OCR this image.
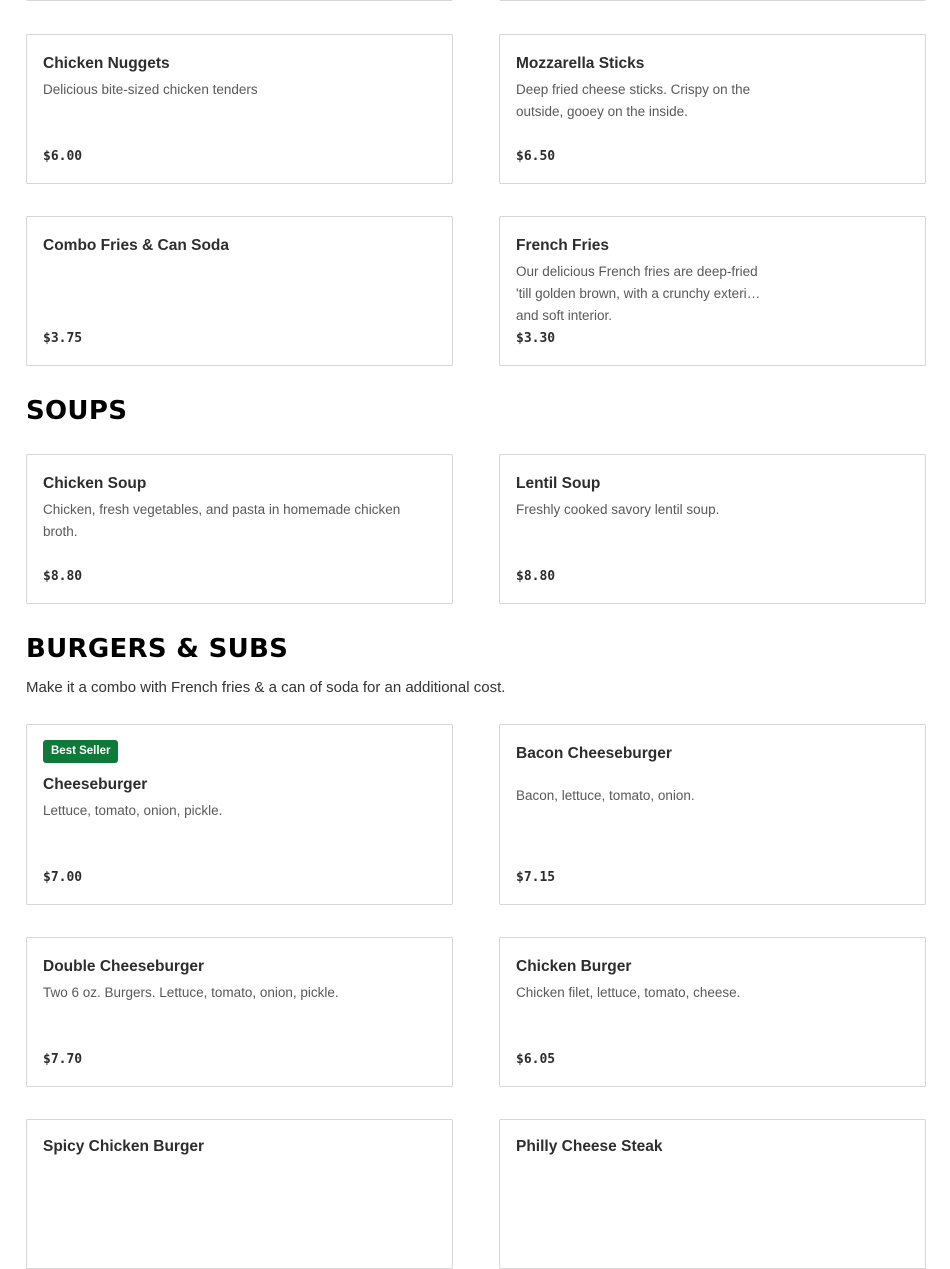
Chicken Nuggets
Delicious bite-sized chicken tenders
$6.00
Mozzarella Sticks
Deep fried cheese sticks. Crispy on the outside, gooey on the inside.
$6.50
Combo Fries & Can Soda
$3.75
French Fries
Our delicious French fries are deep-fried 'till golden brown, with a crunchy exterior and soft interior.
$3.30
SOUPS
Chicken Soup
Chicken, fresh vegetables, and pasta in homemade chicken broth.
$8.80
Lentil Soup
Freshly cooked savory lentil soup.
$8.80
BURGERS & SUBS
Make it a combo with French fries & a can of soda for an additional cost.
Best Seller
Cheeseburger
Lettuce, tomato, onion, pickle.
$7.00
Bacon Cheeseburger
Bacon, lettuce, tomato, onion.
$7.15
Double Cheeseburger
Two 6 oz. Burgers. Lettuce, tomato, onion, pickle.
$7.70
Chicken Burger
Chicken filet, lettuce, tomato, cheese.
$6.05
Spicy Chicken Burger	Philly Cheese Steak
